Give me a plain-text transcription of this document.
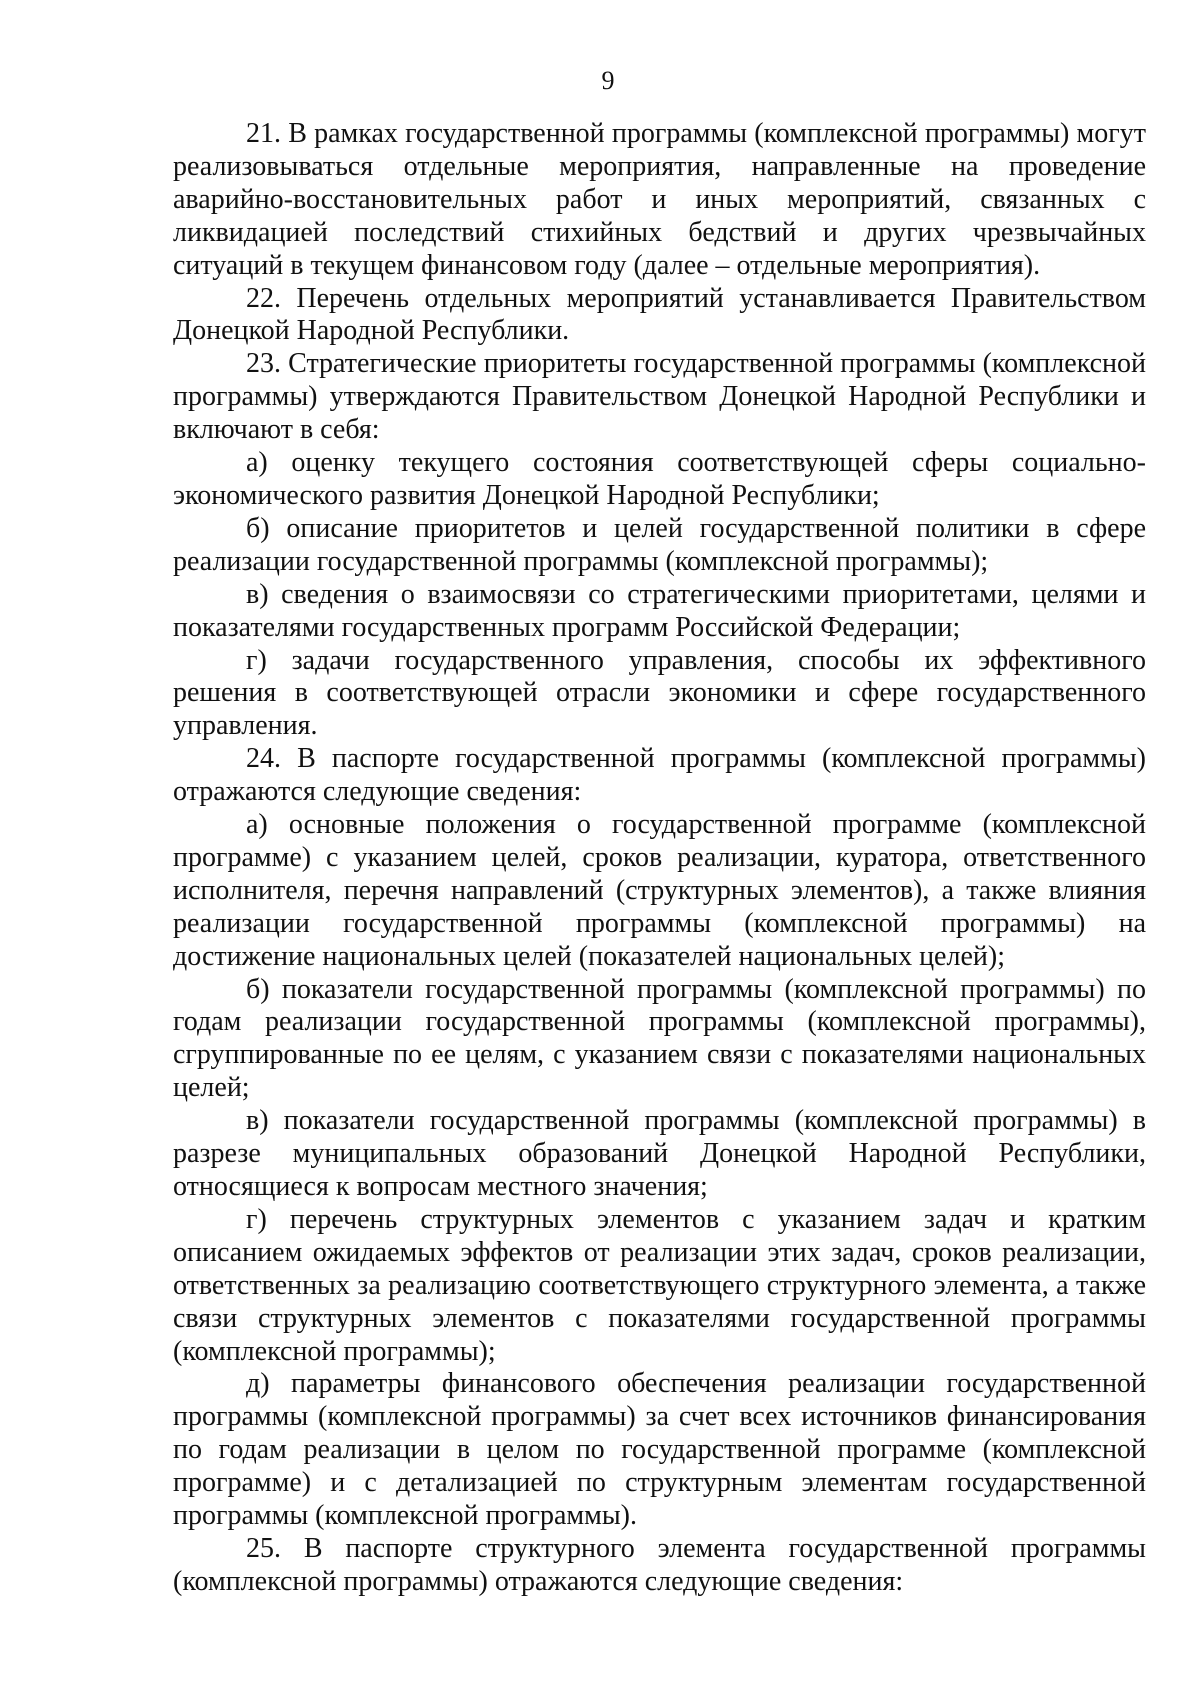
9

21. В рамках государственной программы (комплексной программы) могут реализовываться отдельные мероприятия, направленные на проведение аварийно-восстановительных работ и иных мероприятий, связанных с ликвидацией последствий стихийных бедствий и других чрезвычайных ситуаций в текущем финансовом году (далее – отдельные мероприятия).

22. Перечень отдельных мероприятий устанавливается Правительством Донецкой Народной Республики.

23. Стратегические приоритеты государственной программы (комплексной программы) утверждаются Правительством Донецкой Народной Республики и включают в себя:

а) оценку текущего состояния соответствующей сферы социально-экономического развития Донецкой Народной Республики;

б) описание приоритетов и целей государственной политики в сфере реализации государственной программы (комплексной программы);

в) сведения о взаимосвязи со стратегическими приоритетами, целями и показателями государственных программ Российской Федерации;

г) задачи государственного управления, способы их эффективного решения в соответствующей отрасли экономики и сфере государственного управления.

24. В паспорте государственной программы (комплексной программы) отражаются следующие сведения:

а) основные положения о государственной программе (комплексной программе) с указанием целей, сроков реализации, куратора, ответственного исполнителя, перечня направлений (структурных элементов), а также влияния реализации государственной программы (комплексной программы) на достижение национальных целей (показателей национальных целей);

б) показатели государственной программы (комплексной программы) по годам реализации государственной программы (комплексной программы), сгруппированные по ее целям, с указанием связи с показателями национальных целей;

в) показатели государственной программы (комплексной программы) в разрезе муниципальных образований Донецкой Народной Республики, относящиеся к вопросам местного значения;

г) перечень структурных элементов с указанием задач и кратким описанием ожидаемых эффектов от реализации этих задач, сроков реализации, ответственных за реализацию соответствующего структурного элемента, а также связи структурных элементов с показателями государственной программы (комплексной программы);

д) параметры финансового обеспечения реализации государственной программы (комплексной программы) за счет всех источников финансирования по годам реализации в целом по государственной программе (комплексной программе) и с детализацией по структурным элементам государственной программы (комплексной программы).

25. В паспорте структурного элемента государственной программы (комплексной программы) отражаются следующие сведения:
